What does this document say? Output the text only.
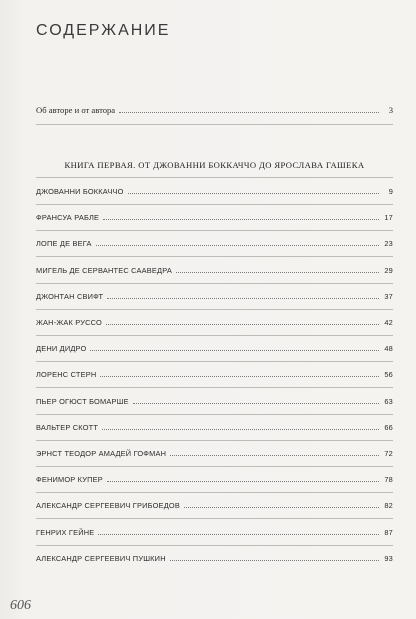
СОДЕРЖАНИЕ
Об авторе и от автора	3
КНИГА ПЕРВАЯ. ОТ ДЖОВАННИ БОККАЧЧО ДО ЯРОСЛАВА ГАШЕКА
ДЖОВАННИ БОККАЧЧО	9
ФРАНСУА РАБЛЕ	17
ЛОПЕ ДЕ ВЕГА	23
МИГЕЛЬ ДЕ СЕРВАНТЕС СААВЕДРА	29
ДЖОНТАН СВИФТ	37
ЖАН-ЖАК РУССО	42
ДЕНИ ДИДРО	48
ЛОРЕНС СТЕРН	56
ПЬЕР ОГЮСТ БОМАРШЕ	63
ВАЛЬТЕР СКОТТ	66
ЭРНСТ ТЕОДОР АМАДЕЙ ГОФМАН	72
ФЕНИМОР КУПЕР	78
АЛЕКСАНДР СЕРГЕЕВИЧ ГРИБОЕДОВ	82
ГЕНРИХ ГЕЙНЕ	87
АЛЕКСАНДР СЕРГЕЕВИЧ ПУШКИН	93
606
